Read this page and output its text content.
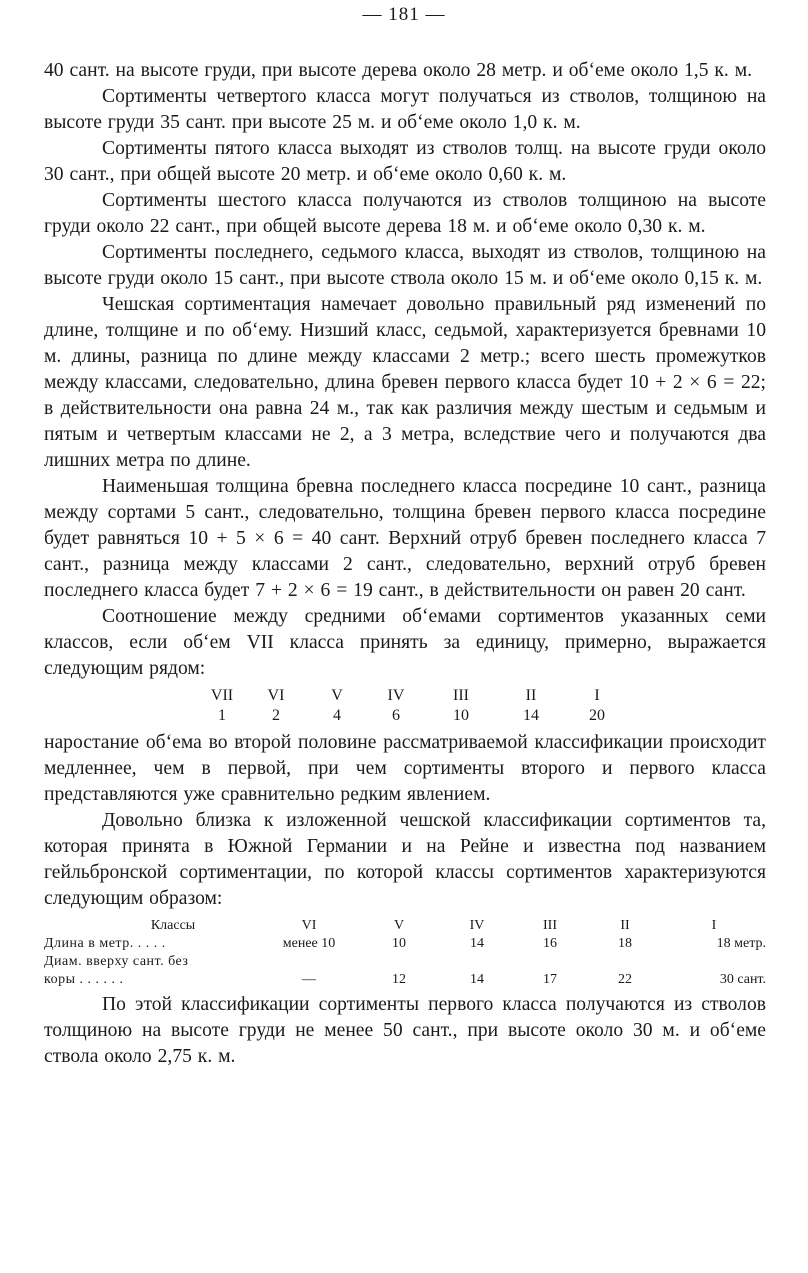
— 181 —

40 сант. на высоте груди, при высоте дерева около 28 метр. и об‘еме около 1,5 к. м.

Сортименты четвертого класса могут получаться из стволов, толщиною на высоте груди 35 сант. при высоте 25 м. и об‘еме около 1,0 к. м.

Сортименты пятого класса выходят из стволов толщ. на высоте груди около 30 сант., при общей высоте 20 метр. и об‘еме около 0,60 к. м.

Сортименты шестого класса получаются из стволов толщиною на высоте груди около 22 сант., при общей высоте дерева 18 м. и об‘еме около 0,30 к. м.

Сортименты последнего, седьмого класса, выходят из стволов, толщиною на высоте груди около 15 сант., при высоте ствола около 15 м. и об‘еме около 0,15 к. м.

Чешская сортиментация намечает довольно правильный ряд изменений по длине, толщине и по об‘ему. Низший класс, седьмой, характеризуется бревнами 10 м. длины, разница по длине между классами 2 метр.; всего шесть промежутков между классами, следовательно, длина бревен первого класса будет 10 + 2 × 6 = 22; в действительности она равна 24 м., так как различия между шестым и седьмым и пятым и четвертым классами не 2, а 3 метра, вследствие чего и получаются два лишних метра по длине.

Наименьшая толщина бревна последнего класса посредине 10 сант., разница между сортами 5 сант., следовательно, толщина бревен первого класса посредине будет равняться 10 + 5 × 6 = 40 сант. Верхний отруб бревен последнего класса 7 сант., разница между классами 2 сант., следовательно, верхний отруб бревен последнего класса будет 7 + 2 × 6 = 19 сант., в действительности он равен 20 сант.

Соотношение между средними об‘емами сортиментов указанных семи классов, если об‘ем VII класса принять за единицу, примерно, выражается следующим рядом:

VII	VI	V	IV	III	II	I
1	2	4	6	10	14	20

наростание об‘ема во второй половине рассматриваемой классификации происходит медленнее, чем в первой, при чем сортименты второго и первого класса представляются уже сравнительно редким явлением.

Довольно близка к изложенной чешской классификации сортиментов та, которая принята в Южной Германии и на Рейне и известна под названием гейльбронской сортиментации, по которой классы сортиментов характеризуются следующим образом:

Классы	VI	V	IV	III	II	I
Длина в метр. . . . .	менее 10	10	14	16	18	18 метр.
Диам. вверху сант. без						
коры . . . . . .	—	12	14	17	22	30 сант.

По этой классификации сортименты первого класса получаются из стволов толщиною на высоте груди не менее 50 сант., при высоте около 30 м. и об‘еме ствола около 2,75 к. м.
